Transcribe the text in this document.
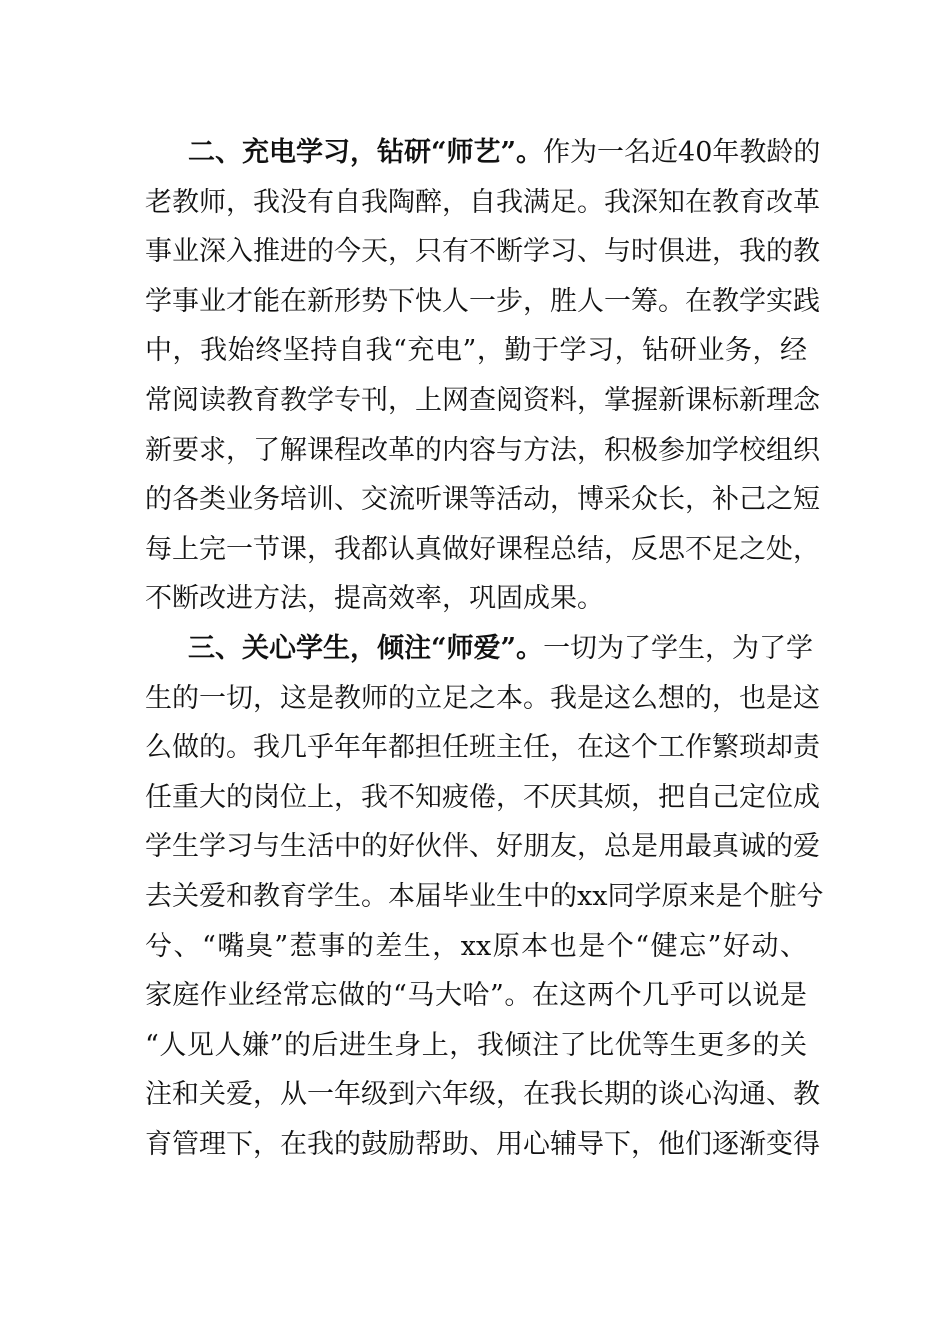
二、充电学习，钻研“师艺”。作为一名近40年教龄的
老教师，我没有自我陶醉，自我满足。我深知在教育改革
事业深入推进的今天，只有不断学习、与时俱进，我的教
学事业才能在新形势下快人一步，胜人一筹。在教学实践
中，我始终坚持自我“充电”，勤于学习，钻研业务，经
常阅读教育教学专刊，上网查阅资料，掌握新课标新理念
新要求，了解课程改革的内容与方法，积极参加学校组织
的各类业务培训、交流听课等活动，博采众长，补己之短
每上完一节课，我都认真做好课程总结，反思不足之处，
不断改进方法，提高效率，巩固成果。
三、关心学生，倾注“师爱”。一切为了学生，为了学
生的一切，这是教师的立足之本。我是这么想的，也是这
么做的。我几乎年年都担任班主任，在这个工作繁琐却责
任重大的岗位上，我不知疲倦，不厌其烦，把自己定位成
学生学习与生活中的好伙伴、好朋友，总是用最真诚的爱
去关爱和教育学生。本届毕业生中的xx同学原来是个脏兮
兮、“嘴臭”惹事的差生，xx原本也是个“健忘”好动、
家庭作业经常忘做的“马大哈”。在这两个几乎可以说是
“人见人嫌”的后进生身上，我倾注了比优等生更多的关
注和关爱，从一年级到六年级，在我长期的谈心沟通、教
育管理下，在我的鼓励帮助、用心辅导下，他们逐渐变得
